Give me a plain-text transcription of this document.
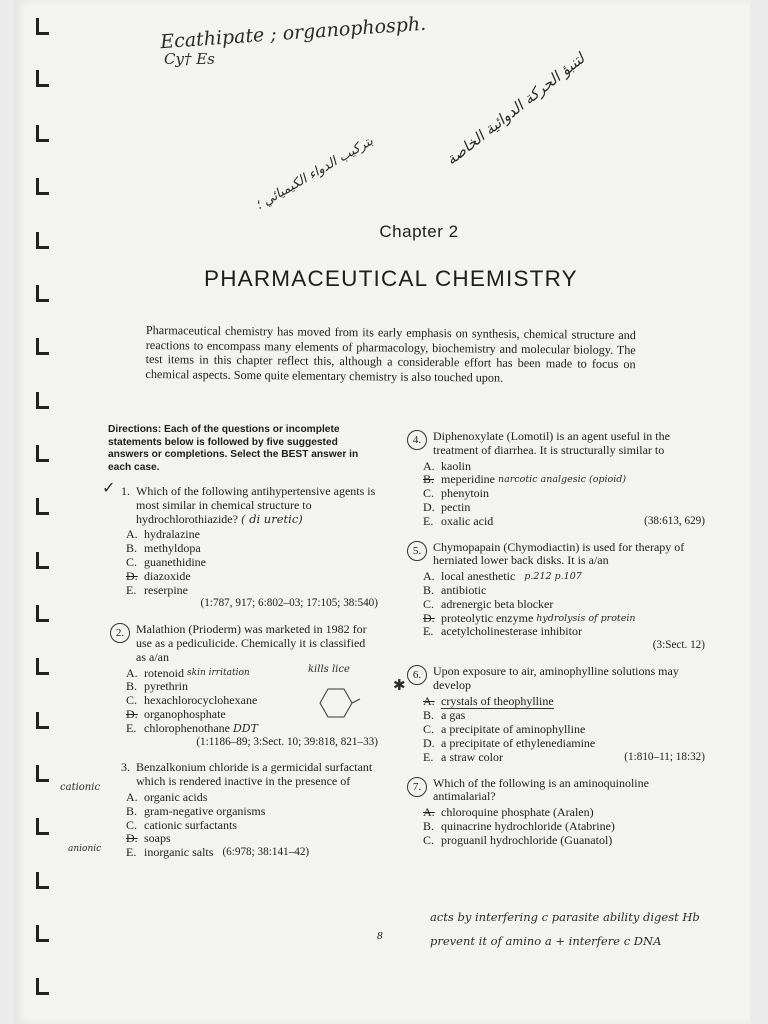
Ecathipate ; organophosph.
Cy† Es	لتنبؤ الحركة الدوائية الخاصة
بتركيب الدواء الكيميائي ؛
Chapter 2
PHARMACEUTICAL CHEMISTRY
Pharmaceutical chemistry has moved from its early emphasis on synthesis, chemical structure and reactions to encompass many elements of pharmacology, biochemistry and molecular biology. The test items in this chapter reflect this, although a considerable effort has been made to focus on chemical aspects. Some quite elementary chemistry is also touched upon.
Directions: Each of the questions or incomplete statements below is followed by five suggested answers or completions. Select the BEST answer in each case.
1. Which of the following antihypertensive agents is most similar in chemical structure to hydrochlorothiazide? ( di uretic)
A. hydralazine
B. methyldopa
C. guanethidine
D. diazoxide
E. reserpine
(1:787, 917; 6:802–03; 17:105; 38:540)
✓
2. Malathion (Prioderm) was marketed in 1982 for use as a pediculicide. Chemically it is classified as a/an
A. rotenoid
skin irritation
B. pyrethrin
C. hexachlorocyclohexane
D. organophosphate
E. chlorophenothane
DDT
(1:1186–89; 3:Sect. 10; 39:818, 821–33)
kills lice
3. Benzalkonium chloride is a germicidal surfactant which is rendered inactive in the presence of
A. organic acids
B. gram-negative organisms
C. cationic surfactants
D. soaps
E. inorganic salts
(6:978; 38:141–42)
cationic
anionic
4. Diphenoxylate (Lomotil) is an agent useful in the treatment of diarrhea. It is structurally similar to
A. kaolin
B. meperidine
narcotic analgesic (opioid)
C. phenytoin
D. pectin
E. oxalic acid	(38:613, 629)
5. Chymopapain (Chymodiactin) is used for therapy of herniated lower back disks. It is a/an
A. local anesthetic
p.212 p.107
B. antibiotic
C. adrenergic beta blocker
D. proteolytic enzyme
hydrolysis of protein
E. acetylcholinesterase inhibitor
(3:Sect. 12)
6. Upon exposure to air, aminophylline solutions may develop
A. crystals of theophylline
B. a gas
C. a precipitate of aminophylline
D. a precipitate of ethylenediamine
E. a straw color	(1:810–11; 18:32)
✱
7. Which of the following is an aminoquinoline antimalarial?
A. chloroquine phosphate (Aralen)
B. quinacrine hydrochloride (Atabrine)
C. proguanil hydrochloride (Guanatol)
acts by interfering c parasite ability digest Hb
prevent it of amino a + interfere c DNA
8
